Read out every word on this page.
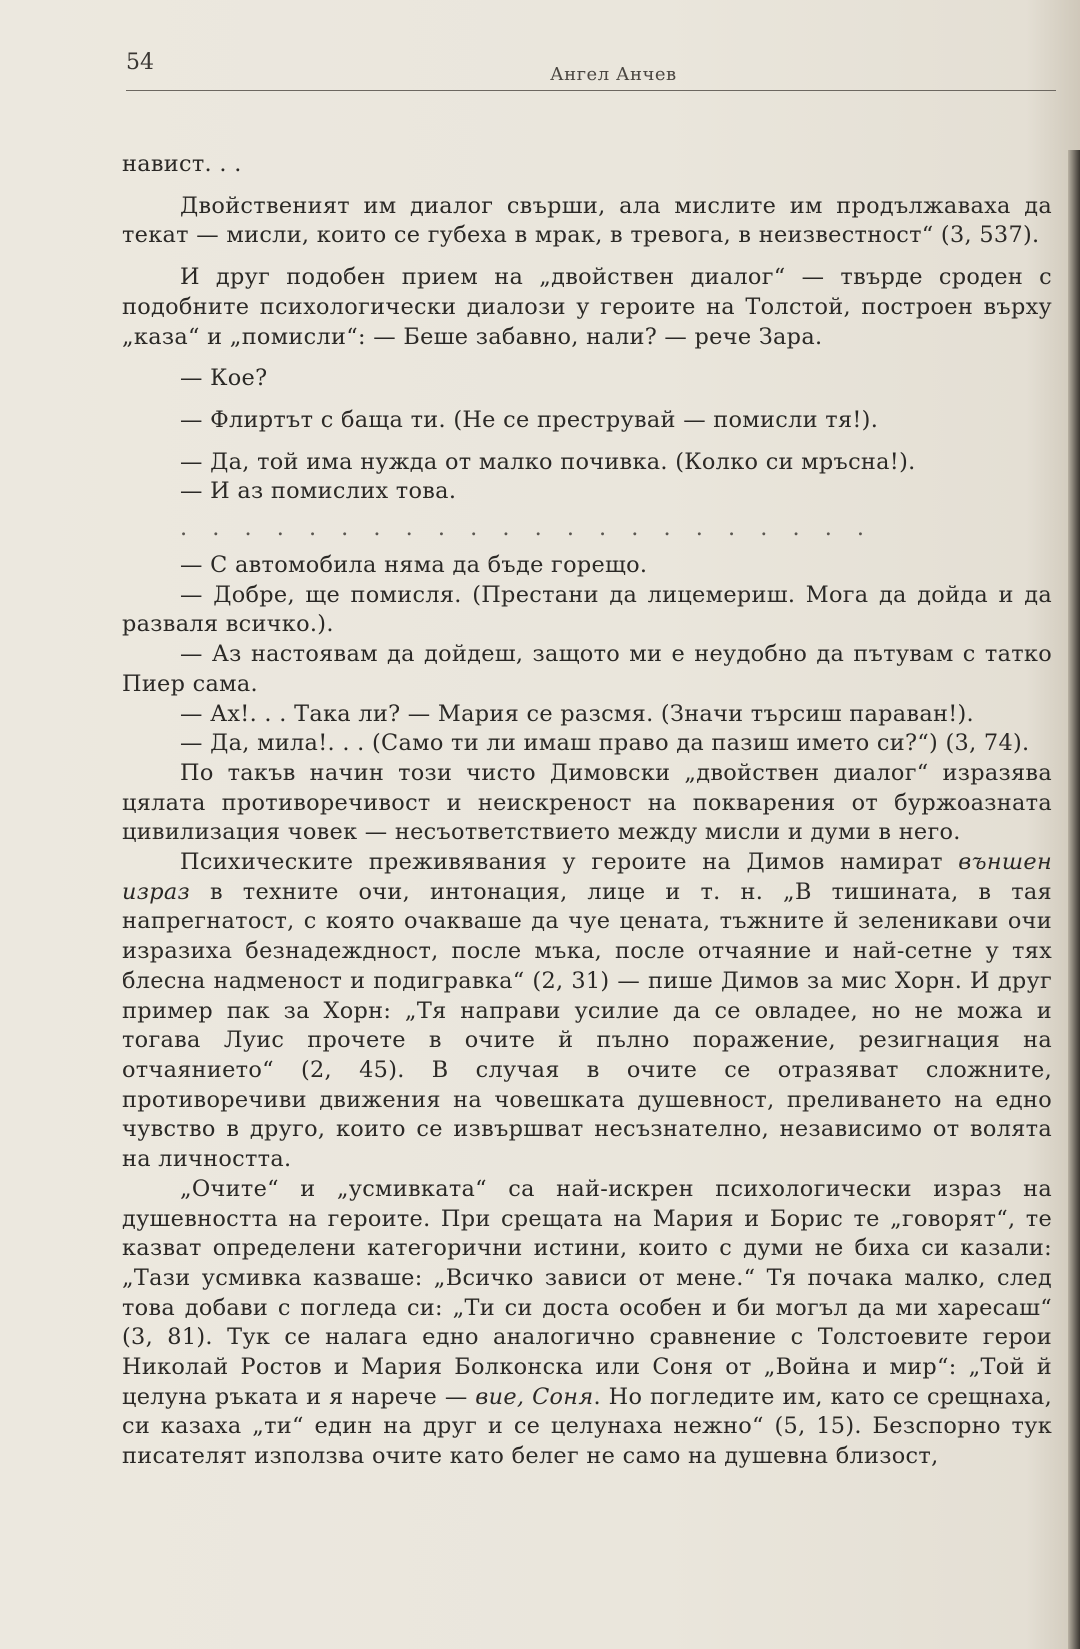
54	Ангел Анчев

навист. . .

Двойственият им диалог свърши, ала мислите им продължаваха да текат — мисли, които се губеха в мрак, в тревога, в неизвестност“ (3, 537).

И друг подобен прием на „двойствен диалог“ — твърде сроден с подобните психологически диалози у героите на Толстой, построен върху „каза“ и „помисли“: — Беше забавно, нали? — рече Зара.

— Кое?

— Флиртът с баща ти. (Не се преструвай — помисли тя!).

— Да, той има нужда от малко почивка. (Колко си мръсна!).

— И аз помислих това.

. . . . . . . . . . . . . . . . . . . . . .

— С автомобила няма да бъде горещо.

— Добре, ще помисля. (Престани да лицемериш. Мога да дойда и да разваля всичко.).

— Аз настоявам да дойдеш, защото ми е неудобно да пътувам с татко Пиер сама.

— Ах!. . . Така ли? — Мария се разсмя. (Значи търсиш параван!).

— Да, мила!. . . (Само ти ли имаш право да пазиш името си?“) (3, 74).

По такъв начин този чисто Димовски „двойствен диалог“ изразява цялата противоречивост и неискреност на покварения от буржоазната цивилизация човек — несъответствието между мисли и думи в него.

Психическите преживявания у героите на Димов намират външен израз в техните очи, интонация, лице и т. н. „В тишината, в тая напрегнатост, с която очакваше да чуе цената, тъжните й зеленикави очи изразиха безнадеждност, после мъка, после отчаяние и най-сетне у тях блесна надменост и подигравка“ (2, 31) — пише Димов за мис Хорн. И друг пример пак за Хорн: „Тя направи усилие да се овладее, но не можа и тогава Луис прочете в очите й пълно поражение, резигнация на отчаянието“ (2, 45). В случая в очите се отразяват сложните, противоречиви движения на човешката душевност, преливането на едно чувство в друго, които се извършват несъзнателно, независимо от волята на личността.

„Очите“ и „усмивката“ са най-искрен психологически израз на душевността на героите. При срещата на Мария и Борис те „говорят“, те казват определени категорични истини, които с думи не биха си казали: „Тази усмивка казваше: „Всичко зависи от мене.“ Тя почака малко, след това добави с погледа си: „Ти си доста особен и би могъл да ми харесаш“ (3, 81). Тук се налага едно аналогично сравнение с Толстоевите герои Николай Ростов и Мария Болконска или Соня от „Война и мир“: „Той й целуна ръката и я нарече — вие, Соня. Но погледите им, като се срещнаха, си казаха „ти“ един на друг и се целунаха нежно“ (5, 15). Безспорно тук писателят използва очите като белег не само на душевна близост,
